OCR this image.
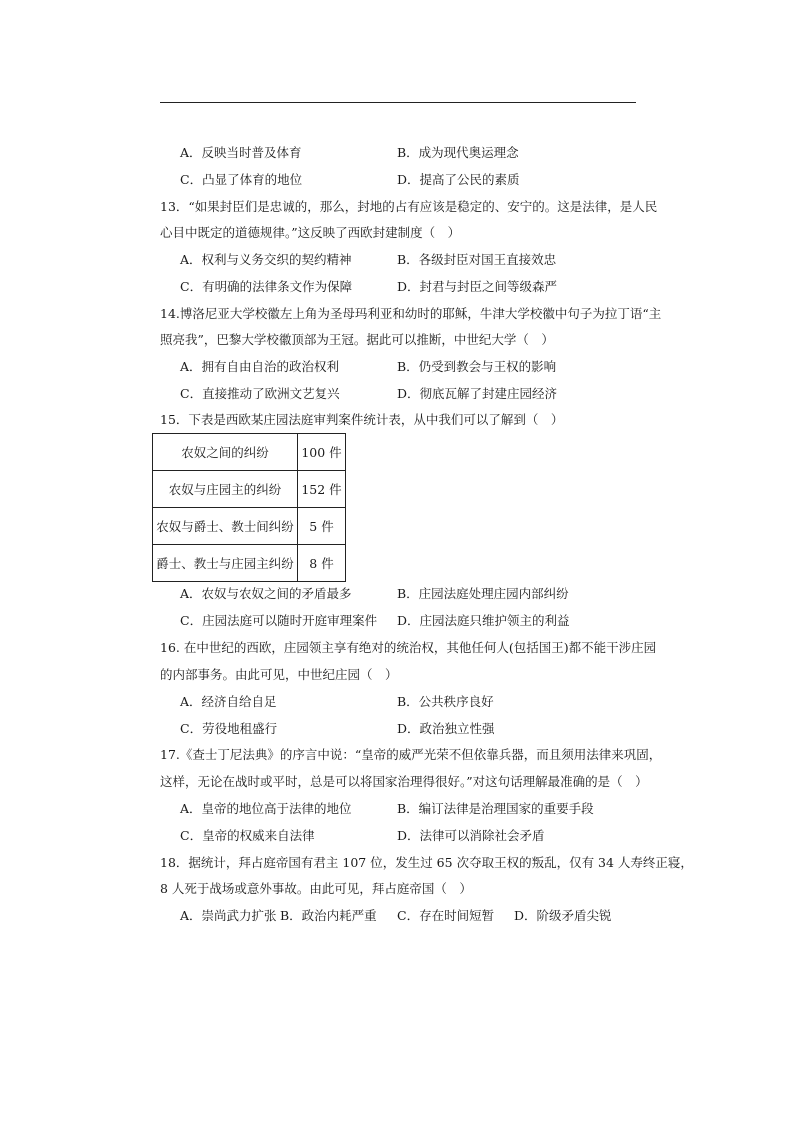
A．反映当时普及体育	B．成为现代奥运理念
C．凸显了体育的地位	D．提高了公民的素质
13．“如果封臣们是忠诚的，那么，封地的占有应该是稳定的、安宁的。这是法律，是人民
心目中既定的道德规律。”这反映了西欧封建制度（　）
A．权利与义务交织的契约精神	B．各级封臣对国王直接效忠
C．有明确的法律条文作为保障	D．封君与封臣之间等级森严
14.博洛尼亚大学校徽左上角为圣母玛利亚和幼时的耶稣，牛津大学校徽中句子为拉丁语“主
照亮我”，巴黎大学校徽顶部为王冠。据此可以推断，中世纪大学（　）
A．拥有自由自治的政治权利	B．仍受到教会与王权的影响
C．直接推动了欧洲文艺复兴	D．彻底瓦解了封建庄园经济
15．下表是西欧某庄园法庭审判案件统计表，从中我们可以了解到（　）
农奴之间的纠纷	100 件
农奴与庄园主的纠纷	152 件
农奴与爵士、教士间纠纷	5 件
爵士、教士与庄园主纠纷	8 件
A．农奴与农奴之间的矛盾最多	B．庄园法庭处理庄园内部纠纷
C．庄园法庭可以随时开庭审理案件 D．庄园法庭只维护领主的利益
16. 在中世纪的西欧，庄园领主享有绝对的统治权，其他任何人(包括国王)都不能干涉庄园
的内部事务。由此可见，中世纪庄园（　）
A．经济自给自足	B．公共秩序良好
C．劳役地租盛行	D．政治独立性强
17.《查士丁尼法典》的序言中说：“皇帝的威严光荣不但依靠兵器，而且须用法律来巩固，
这样，无论在战时或平时，总是可以将国家治理得很好。”对这句话理解最准确的是（　）
A．皇帝的地位高于法律的地位	B．编订法律是治理国家的重要手段
C．皇帝的权威来自法律	D．法律可以消除社会矛盾
18．据统计，拜占庭帝国有君主 107 位，发生过 65 次夺取王权的叛乱，仅有 34 人寿终正寝，
8 人死于战场或意外事故。由此可见，拜占庭帝国（　）
A．崇尚武力扩张 B．政治内耗严重 C．存在时间短暂 D．阶级矛盾尖锐
